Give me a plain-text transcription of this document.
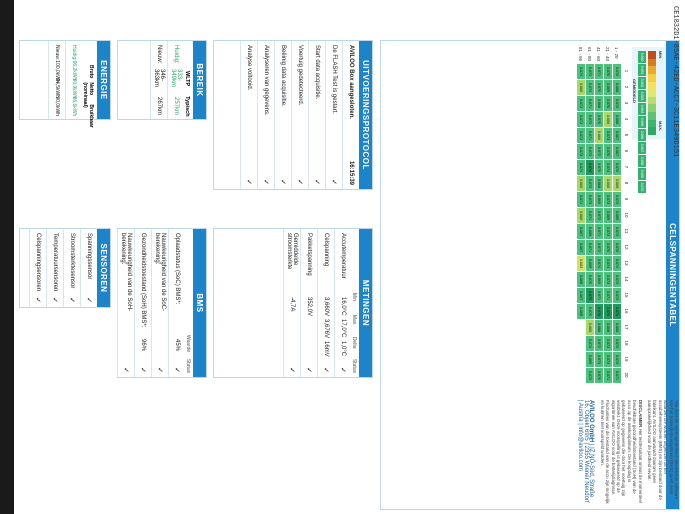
CELSPANNINGENTABEL
MIN
MAX.
3.660
3.661
3.662
3.663
3.664
3.665
3.666
3.667
3.668
3.669
3.670
GEMIDDELD
1
2
3
4
5
6
7
8
9
10
11
12
13
14
15
16
17
18
19
20
1 - 20
3.670
3.668
3.672
3.668
3.667
3.667
3.670
3.665
3.673
3.669
3.673
3.670
3.674
3.673
3.673
3.675
3.668
3.672
3.673
3.671
21 - 40
3.670
3.669
3.670
3.666
3.673
3.670
3.674
3.665
3.673
3.669
3.673
3.670
3.674
3.673
3.671
3.676
3.668
3.672
3.673
3.671
41 - 60
3.671
3.670
3.668
3.670
3.666
3.672
3.670
3.668
3.669
3.672
3.671
3.672
3.674
3.669
3.671
3.676
3.668
3.672
3.673
3.670
61 - 80
3.672
3.673
3.671
3.672
3.671
3.672
3.676
3.672
3.673
3.671
3.669
3.671
3.669
3.670
3.675
3.670
3.665
3.673
3.669
3.672
81 - 96
3.674
3.666
3.672
3.672
3.672
3.673
3.674
3.665
3.671
3.666
3.667
3.667
3.663
3.668
3.667
3.668
UITVOERINGSPROTOCOL
AVILOO Box aangesloten.
16:15:39
De FLASH Test is gestart.
✓
Start data acquisitie.
✓
Voertuig gedetecteerd.
✓
Beëinig data acquisitie.
✓
Analyseren van gegevens.
✓
Analyse voltooid.
✓
BEREIK
WLTP
Typisch
Huidig:
333-349km
257km
Nieuw:
346-363km
267km
ENERGIE
Bruto
Netto (nominaal)
Bruikbaar
Huidig:
96,2kWh
90,9kWh
86,6kWh
Nieuw:
100,0kWh
94,5kWh
90,0kWh
METINGEN
Min.
Max.
Delta
Status
Accutemperatuur
16,0°C
17,0°C
1,0°C
✓
Celspanning
3,660V
3,676V
16mV
✓
Pakketspanning
352,0V
✓
Gemiddelde stroomsterkte
-4,7A
✓
BMS
Waarde
Status
Oplaadstatus (SoC) BMS*:
45%
✓
Nauwkeurigheid van de SoC-berekening:
✓
Gezondheidstoestand (SoH) BMS*:
96%
✓
Nauwkeurigheid van de SoH-berekening:
✓
SENSOREN
Spanningssensor
✓
Stroomsterktesensor
✓
Temperatuursensoren
✓
Celspanningsensoren
✓

*De door de voertuigfabrikant ontwikkelde software van het batterijbeheersysteem (BMS) geeft deze waarden die worden uitgelezen uit het accubeheersysteem (BMS) en zijn bestand door de fabrikant. AVILOO aanvaardt daarom geen aansprakelijkheid voor de juistheid ervan.

DISCLAIMER Het testresultaat omvat de momenteel beschikbare gezondheidstoestand (SoH) van de accu op de aankoopdatum. De koopdag is gebaseerd op gegevens die door het voertuig zijn verstrekt. Deze voorspelling is gebaseerd op de algoritmen van AVILOO voor de batterijdiagnose. Fluctuaties van de toestand van de accu zijn mogelijk en kunnen niet voorspeld worden.

AVILOO GmbH | IZ NÖ-Süd, Straße 16, Objekt 69/5 | 2355 Wiener Neudorf | Austria | info@aviloo.com

CE1832D1-85AE-42ED-ACC7-3C11E340D151
